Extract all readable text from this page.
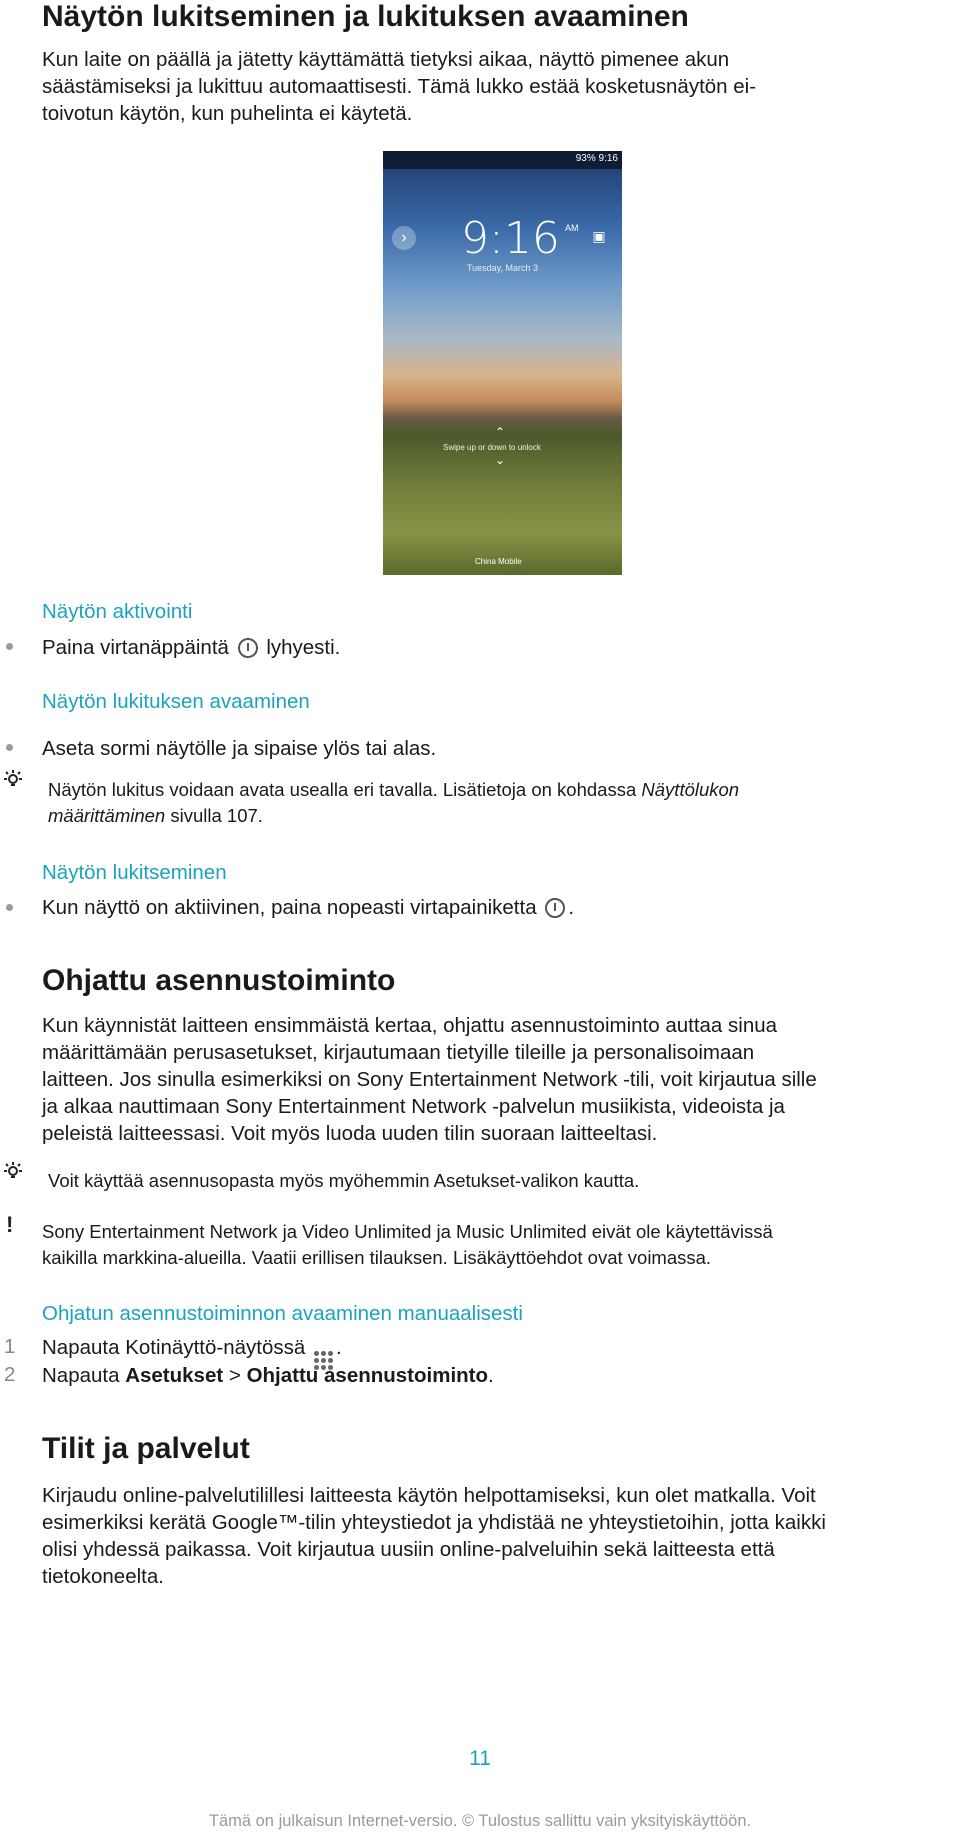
Näytön lukitseminen ja lukituksen avaaminen
Kun laite on päällä ja jätetty käyttämättä tietyksi aikaa, näyttö pimenee akun
säästämiseksi ja lukittuu automaattisesti. Tämä lukko estää kosketusnäytön ei-
toivotun käytön, kun puhelinta ei käytetä.
93% 9:16
› 9:16 AM
Tuesday, March 3
▣
⌃
Swipe up or down to unlock
⌄
China Mobile
Näytön aktivointi
Paina virtanäppäintä lyhyesti.
Näytön lukituksen avaaminen
Aseta sormi näytölle ja sipaise ylös tai alas.
Näytön lukitus voidaan avata usealla eri tavalla. Lisätietoja on kohdassa Näyttölukon
määrittäminen sivulla 107.
Näytön lukitseminen
Kun näyttö on aktiivinen, paina nopeasti virtapainiketta .
Ohjattu asennustoiminto
Kun käynnistät laitteen ensimmäistä kertaa, ohjattu asennustoiminto auttaa sinua
määrittämään perusasetukset, kirjautumaan tietyille tileille ja personalisoimaan
laitteen. Jos sinulla esimerkiksi on Sony Entertainment Network -tili, voit kirjautua sille
ja alkaa nauttimaan Sony Entertainment Network -palvelun musiikista, videoista ja
peleistä laitteessasi. Voit myös luoda uuden tilin suoraan laitteeltasi.
Voit käyttää asennusopasta myös myöhemmin Asetukset-valikon kautta.
! Sony Entertainment Network ja Video Unlimited ja Music Unlimited eivät ole käytettävissä
kaikilla markkina-alueilla. Vaatii erillisen tilauksen. Lisäkäyttöehdot ovat voimassa.
Ohjatun asennustoiminnon avaaminen manuaalisesti
1 Napauta Kotinäyttö-näytössä .
2 Napauta Asetukset > Ohjattu asennustoiminto.
Tilit ja palvelut
Kirjaudu online-palvelutilillesi laitteesta käytön helpottamiseksi, kun olet matkalla. Voit
esimerkiksi kerätä Google™-tilin yhteystiedot ja yhdistää ne yhteystietoihin, jotta kaikki
olisi yhdessä paikassa. Voit kirjautua uusiin online-palveluihin sekä laitteesta että
tietokoneelta.
11
Tämä on julkaisun Internet-versio. © Tulostus sallittu vain yksityiskäyttöön.
